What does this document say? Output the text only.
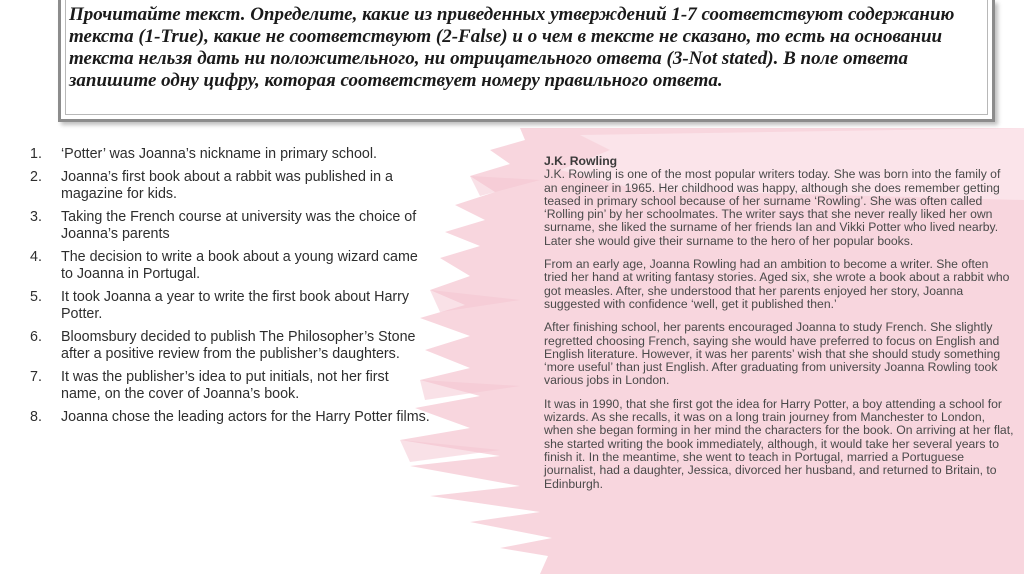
Прочитайте текст. Определите, какие из приведенных утверждений 1-7 соответствуют содержанию текста (1-True), какие не соответствуют (2-False) и о чем в тексте не сказано, то есть на основании текста нельзя дать ни положительного, ни отрицательного ответа (3-Not stated). В поле ответа запишите одну цифру, которая соответствует номеру правильного ответа.
1.	‘Potter’ was Joanna’s nickname in primary school.
2.	Joanna’s first book about a rabbit was published in a magazine for kids.
3.	Taking the French course at university was the choice of Joanna’s parents
4.	The decision to write a book about a young wizard came to Joanna in Portugal.
5.	It took Joanna a year to write the first book about Harry Potter.
6.	Bloomsbury decided to publish The Philosopher’s Stone after a positive review from the publisher’s daughters.
7.	It was the publisher’s idea to put initials, not her first name, on the cover of Joanna’s book.
8.	Joanna chose the leading actors for the Harry Potter films.
J.K. Rowling

J.K. Rowling is one of the most popular writers today. She was born into the family of an engineer in 1965. Her childhood was happy, although she does remember getting teased in primary school because of her surname ‘Rowling’. She was often called ‘Rolling pin’ by her schoolmates. The writer says that she never really liked her own surname, she liked the surname of her friends Ian and Vikki Potter who lived nearby. Later she would give their surname to the hero of her popular books.

From an early age, Joanna Rowling had an ambition to become a writer. She often tried her hand at writing fantasy stories. Aged six, she wrote a book about a rabbit who got measles. After, she understood that her parents enjoyed her story, Joanna suggested with confidence ‘well, get it published then.’

After finishing school, her parents encouraged Joanna to study French. She slightly regretted choosing French, saying she would have preferred to focus on English and English literature. However, it was her parents’ wish that she should study something ‘more useful’ than just English. After graduating from university Joanna Rowling took various jobs in London.

It was in 1990, that she first got the idea for Harry Potter, a boy attending a school for wizards. As she recalls, it was on a long train journey from Manchester to London, when she began forming in her mind the characters for the book. On arriving at her flat, she started writing the book immediately, although, it would take her several years to finish it. In the meantime, she went to teach in Portugal, married a Portuguese journalist, had a daughter, Jessica, divorced her husband, and returned to Britain, to Edinburgh.
